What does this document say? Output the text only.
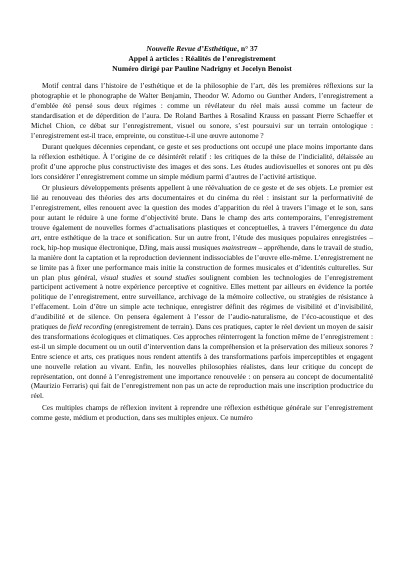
Nouvelle Revue d’Esthétique, n° 37
Appel à articles : Réalités de l’enregistrement
Numéro dirigé par Pauline Nadrigny et Jocelyn Benoist

Motif central dans l’histoire de l’esthétique et de la philosophie de l’art, dès les premières réflexions sur la photographie et le phonographe de Walter Benjamin, Theodor W. Adorno ou Gunther Anders, l’enregistrement a d’emblée été pensé sous deux régimes : comme un révélateur du réel mais aussi comme un facteur de standardisation et de déperdition de l’aura. De Roland Barthes à Rosalind Krauss en passant Pierre Schaeffer et Michel Chion, ce débat sur l’enregistrement, visuel ou sonore, s’est poursuivi sur un terrain ontologique : l’enregistrement est-il trace, empreinte, ou constitue-t-il une œuvre autonome ?

Durant quelques décennies cependant, ce geste et ses productions ont occupé une place moins importante dans la réflexion esthétique. À l’origine de ce désintérêt relatif : les critiques de la thèse de l’indicialité, délaissée au profit d’une approche plus constructiviste des images et des sons. Les études audiovisuelles et sonores ont pu dès lors considérer l’enregistrement comme un simple médium parmi d’autres de l’activité artistique.

Or plusieurs développements présents appellent à une réévaluation de ce geste et de ses objets. Le premier est lié au renouveau des théories des arts documentaires et du cinéma du réel : insistant sur la performativité de l’enregistrement, elles renouent avec la question des modes d’apparition du réel à travers l’image et le son, sans pour autant le réduire à une forme d’objectivité brute. Dans le champ des arts contemporains, l’enregistrement trouve également de nouvelles formes d’actualisations plastiques et conceptuelles, à travers l’émergence du data art, entre esthétique de la trace et sonification. Sur un autre front, l’étude des musiques populaires enregistrées – rock, hip-hop musique électronique, DJing, mais aussi musiques mainstream – appréhende, dans le travail de studio, la manière dont la captation et la reproduction deviennent indissociables de l’œuvre elle-même. L’enregistrement ne se limite pas à fixer une performance mais initie la construction de formes musicales et d’identités culturelles. Sur un plan plus général, visual studies et sound studies soulignent combien les technologies de l’enregistrement participent activement à notre expérience perceptive et cognitive. Elles mettent par ailleurs en évidence la portée politique de l’enregistrement, entre surveillance, archivage de la mémoire collective, ou stratégies de résistance à l’effacement. Loin d’être un simple acte technique, enregistrer définit des régimes de visibilité et d’invisibilité, d’audibilité et de silence. On pensera également à l’essor de l’audio-naturalisme, de l’éco-acoustique et des pratiques de field recording (enregistrement de terrain). Dans ces pratiques, capter le réel devient un moyen de saisir des transformations écologiques et climatiques. Ces approches réinterrogent la fonction même de l’enregistrement : est-il un simple document ou un outil d’intervention dans la compréhension et la préservation des milieux sonores ? Entre science et arts, ces pratiques nous rendent attentifs à des transformations parfois imperceptibles et engagent une nouvelle relation au vivant. Enfin, les nouvelles philosophies réalistes, dans leur critique du concept de représentation, ont donné à l’enregistrement une importance renouvelée : on pensera au concept de documentalité (Maurizio Ferraris) qui fait de l’enregistrement non pas un acte de reproduction mais une inscription productrice du réel.

Ces multiples champs de réflexion invitent à reprendre une réflexion esthétique générale sur l’enregistrement comme geste, médium et production, dans ses multiples enjeux. Ce numéro
